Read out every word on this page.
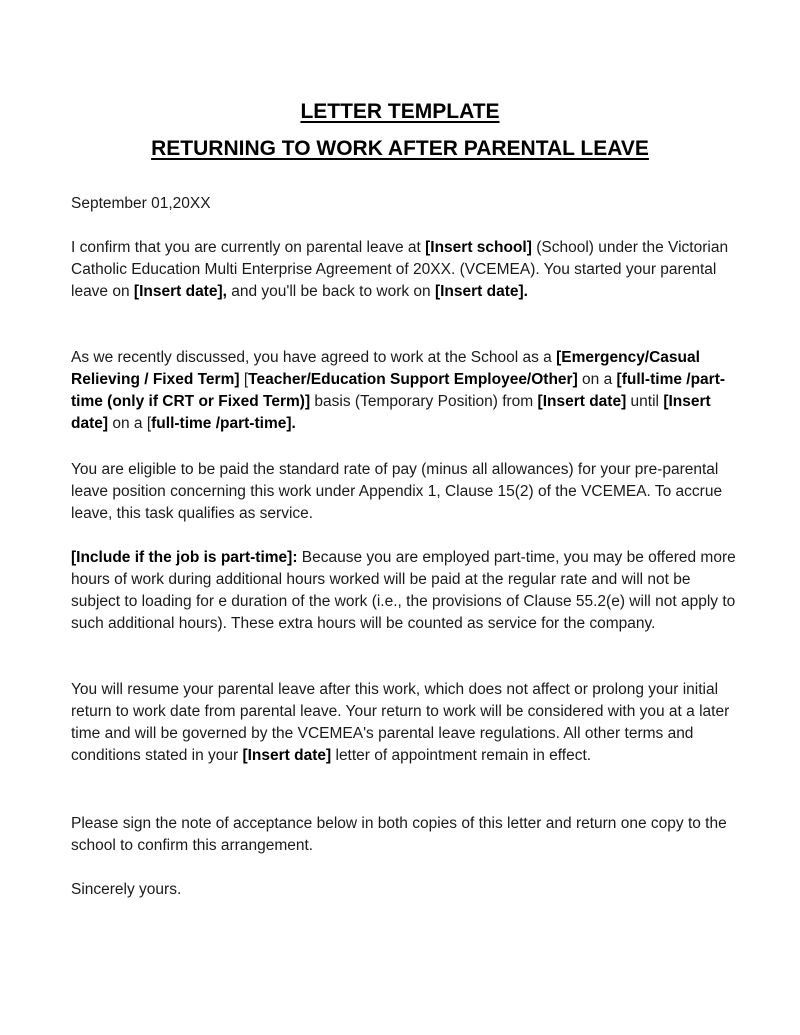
LETTER TEMPLATE
RETURNING TO WORK AFTER PARENTAL LEAVE
September 01,20XX
I confirm that you are currently on parental leave at [Insert school] (School) under the Victorian Catholic Education Multi Enterprise Agreement of 20XX. (VCEMEA). You started your parental leave on [Insert date], and you'll be back to work on [Insert date].
As we recently discussed, you have agreed to work at the School as a [Emergency/Casual Relieving / Fixed Term] [Teacher/Education Support Employee/Other] on a [full-time /part-time (only if CRT or Fixed Term)] basis (Temporary Position) from [Insert date] until [Insert date] on a [full-time /part-time].
You are eligible to be paid the standard rate of pay (minus all allowances) for your pre-parental leave position concerning this work under Appendix 1, Clause 15(2) of the VCEMEA. To accrue leave, this task qualifies as service.
[Include if the job is part-time]: Because you are employed part-time, you may be offered more hours of work during additional hours worked will be paid at the regular rate and will not be subject to loading for e duration of the work (i.e., the provisions of Clause 55.2(e) will not apply to such additional hours). These extra hours will be counted as service for the company.
You will resume your parental leave after this work, which does not affect or prolong your initial return to work date from parental leave. Your return to work will be considered with you at a later time and will be governed by the VCEMEA's parental leave regulations. All other terms and conditions stated in your [Insert date] letter of appointment remain in effect.
Please sign the note of acceptance below in both copies of this letter and return one copy to the school to confirm this arrangement.
Sincerely yours.
